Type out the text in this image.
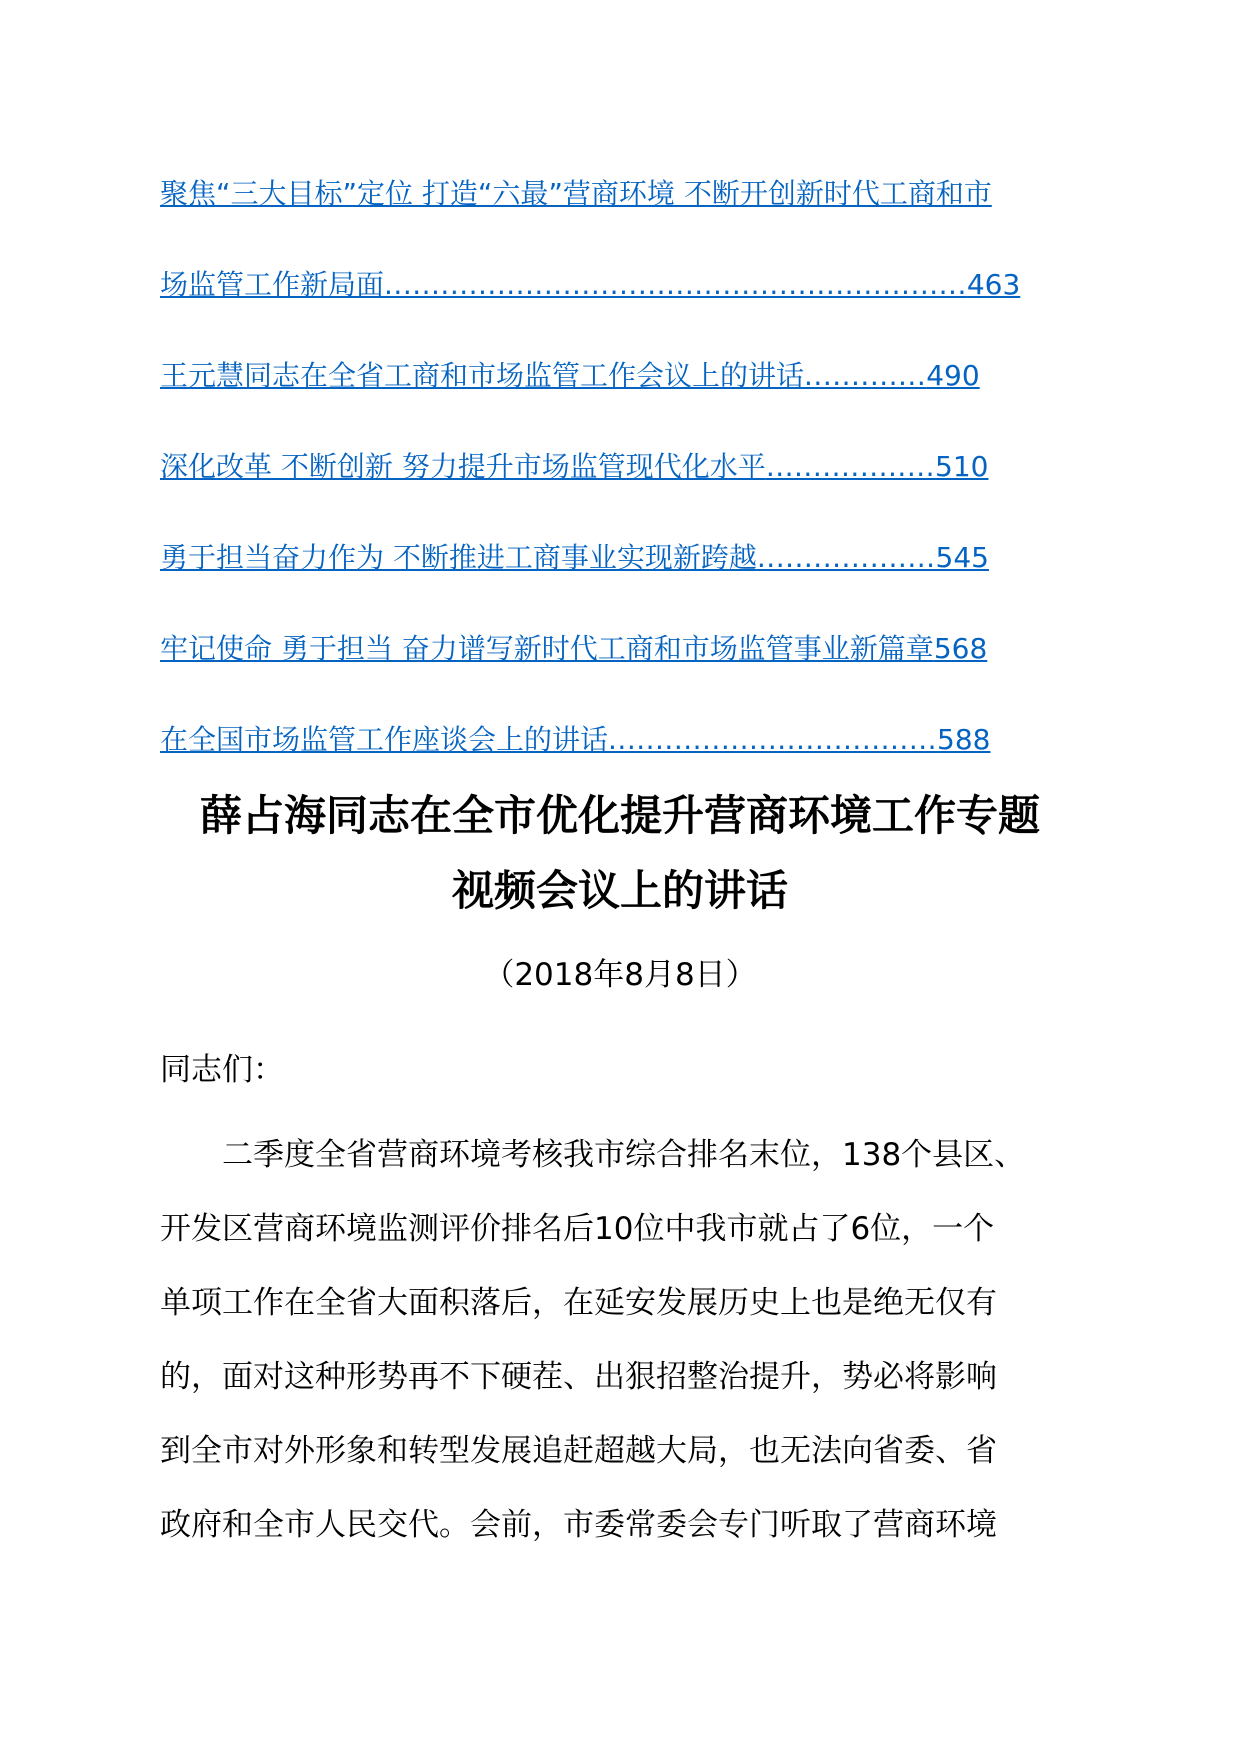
聚焦“三大目标”定位 打造“六最”营商环境 不断开创新时代工商和市
场监管工作新局面..............................................................463
王元慧同志在全省工商和市场监管工作会议上的讲话.............490
深化改革 不断创新 努力提升市场监管现代化水平..................510
勇于担当奋力作为 不断推进工商事业实现新跨越...................545
牢记使命 勇于担当 奋力谱写新时代工商和市场监管事业新篇章568
在全国市场监管工作座谈会上的讲话...................................588
薛占海同志在全市优化提升营商环境工作专题
视频会议上的讲话
（2018年8月8日）
同志们：

　　二季度全省营商环境考核我市综合排名末位，138个县区、
开发区营商环境监测评价排名后10位中我市就占了6位，一个
单项工作在全省大面积落后，在延安发展历史上也是绝无仅有
的，面对这种形势再不下硬茬、出狠招整治提升，势必将影响
到全市对外形象和转型发展追赶超越大局，也无法向省委、省
政府和全市人民交代。会前，市委常委会专门听取了营商环境
